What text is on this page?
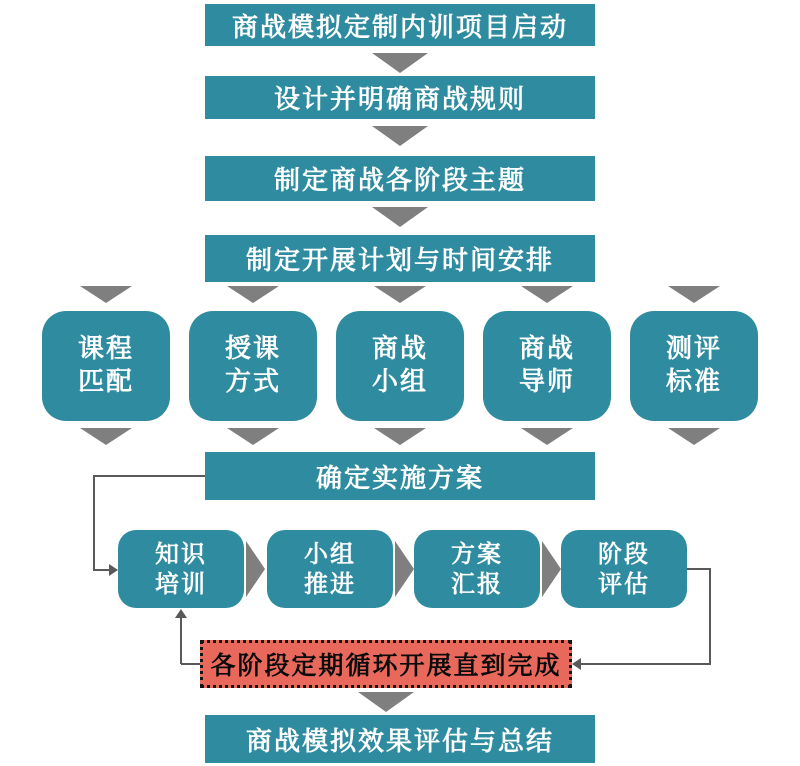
商战模拟定制内训项目启动
设计并明确商战规则
制定商战各阶段主题
制定开展计划与时间安排
课程
匹配
授课
方式
商战
小组
商战
导师
测评
标准
确定实施方案
知识
培训
小组
推进
方案
汇报
阶段
评估
各阶段定期循环开展直到完成
商战模拟效果评估与总结
